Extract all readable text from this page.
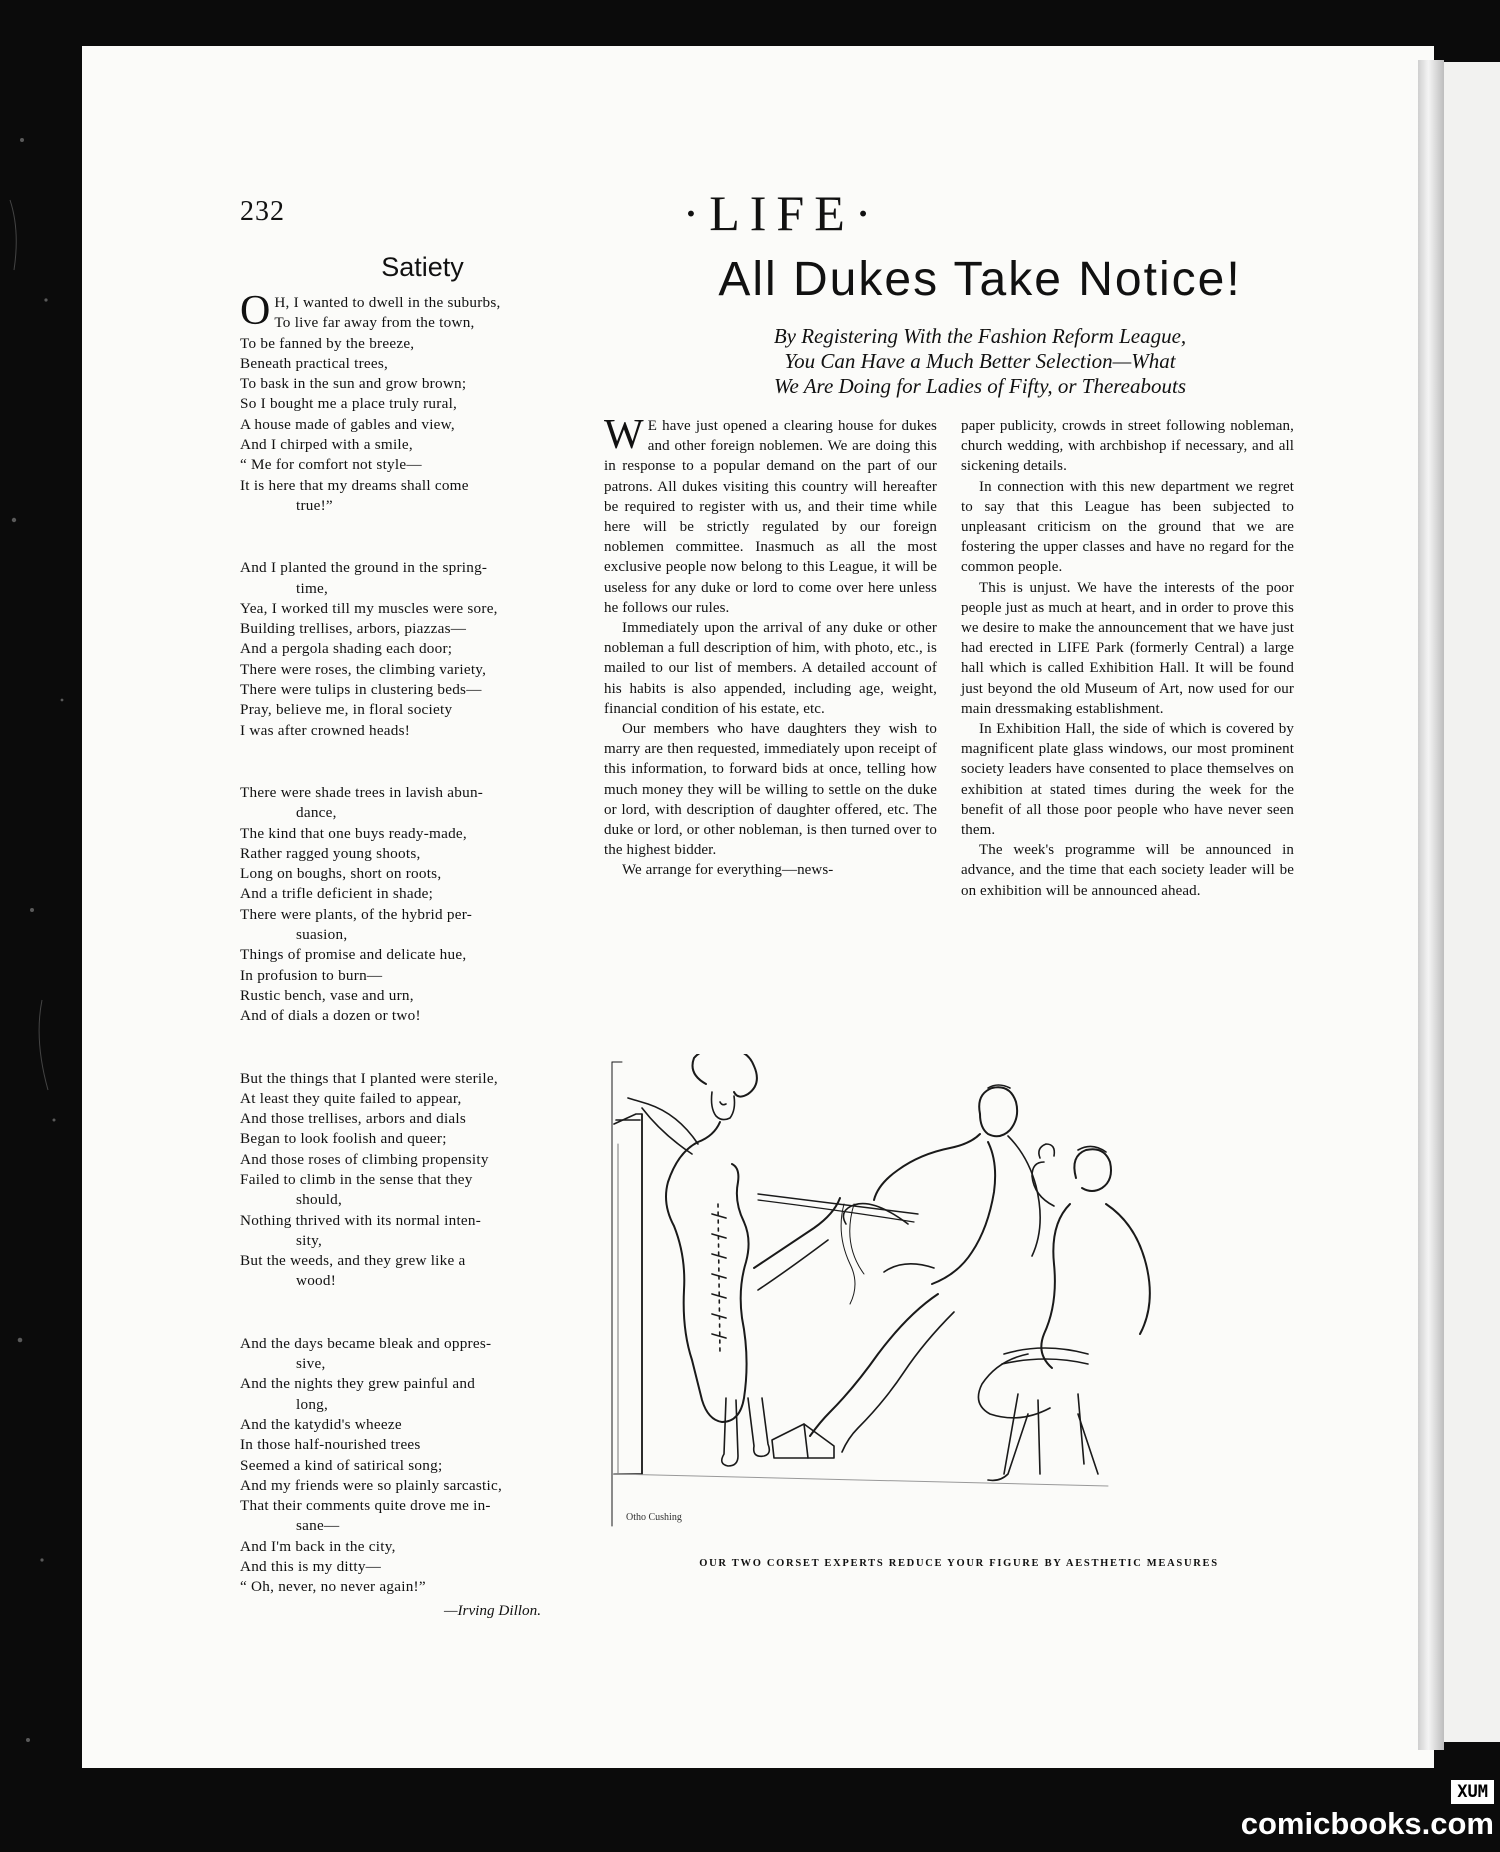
232	·LIFE·
Satiety
O H, I wanted to dwell in the suburbs,
To live far away from the town,
To be fanned by the breeze,
Beneath practical trees,
To bask in the sun and grow brown;
So I bought me a place truly rural,
A house made of gables and view,
And I chirped with a smile,
“ Me for comfort not style—
It is here that my dreams shall come
true!”
And I planted the ground in the spring-
time,
Yea, I worked till my muscles were sore,
Building trellises, arbors, piazzas—
And a pergola shading each door;
There were roses, the climbing variety,
There were tulips in clustering beds—
Pray, believe me, in floral society
I was after crowned heads!
There were shade trees in lavish abun-
dance,
The kind that one buys ready-made,
Rather ragged young shoots,
Long on boughs, short on roots,
And a trifle deficient in shade;
There were plants, of the hybrid per-
suasion,
Things of promise and delicate hue,
In profusion to burn—
Rustic bench, vase and urn,
And of dials a dozen or two!
But the things that I planted were sterile,
At least they quite failed to appear,
And those trellises, arbors and dials
Began to look foolish and queer;
And those roses of climbing propensity
Failed to climb in the sense that they
should,
Nothing thrived with its normal inten-
sity,
But the weeds, and they grew like a
wood!
And the days became bleak and oppres-
sive,
And the nights they grew painful and
long,
And the katydid's wheeze
In those half-nourished trees
Seemed a kind of satirical song;
And my friends were so plainly sarcastic,
That their comments quite drove me in-
sane—
And I'm back in the city,
And this is my ditty—
“ Oh, never, no never again!”
—Irving Dillon.
All Dukes Take Notice!
By Registering With the Fashion Reform League,
You Can Have a Much Better Selection—What
We Are Doing for Ladies of Fifty, or Thereabouts
W E have just opened a clearing house for dukes and other foreign noblemen. We are doing this in response to a popular demand on the part of our patrons. All dukes visiting this country will hereafter be required to register with us, and their time while here will be strictly regulated by our foreign noblemen committee. Inasmuch as all the most exclusive people now belong to this League, it will be useless for any duke or lord to come over here unless he follows our rules.

Immediately upon the arrival of any duke or other nobleman a full description of him, with photo, etc., is mailed to our list of members. A detailed account of his habits is also appended, including age, weight, financial condition of his estate, etc.

Our members who have daughters they wish to marry are then requested, immediately upon receipt of this information, to forward bids at once, telling how much money they will be willing to settle on the duke or lord, with description of daughter offered, etc. The duke or lord, or other nobleman, is then turned over to the highest bidder.

We arrange for everything—news-

paper publicity, crowds in street following nobleman, church wedding, with archbishop if necessary, and all sickening details.

In connection with this new department we regret to say that this League has been subjected to unpleasant criticism on the ground that we are fostering the upper classes and have no regard for the common people.

This is unjust. We have the interests of the poor people just as much at heart, and in order to prove this we desire to make the announcement that we have just had erected in LIFE Park (formerly Central) a large hall which is called Exhibition Hall. It will be found just beyond the old Museum of Art, now used for our main dressmaking establishment.

In Exhibition Hall, the side of which is covered by magnificent plate glass windows, our most prominent society leaders have consented to place themselves on exhibition at stated times during the week for the benefit of all those poor people who have never seen them.

The week's programme will be announced in advance, and the time that each society leader will be on exhibition will be announced ahead.

Otho Cushing
OUR TWO CORSET EXPERTS REDUCE YOUR FIGURE BY AESTHETIC MEASURES
XUM
comicbooks.com
